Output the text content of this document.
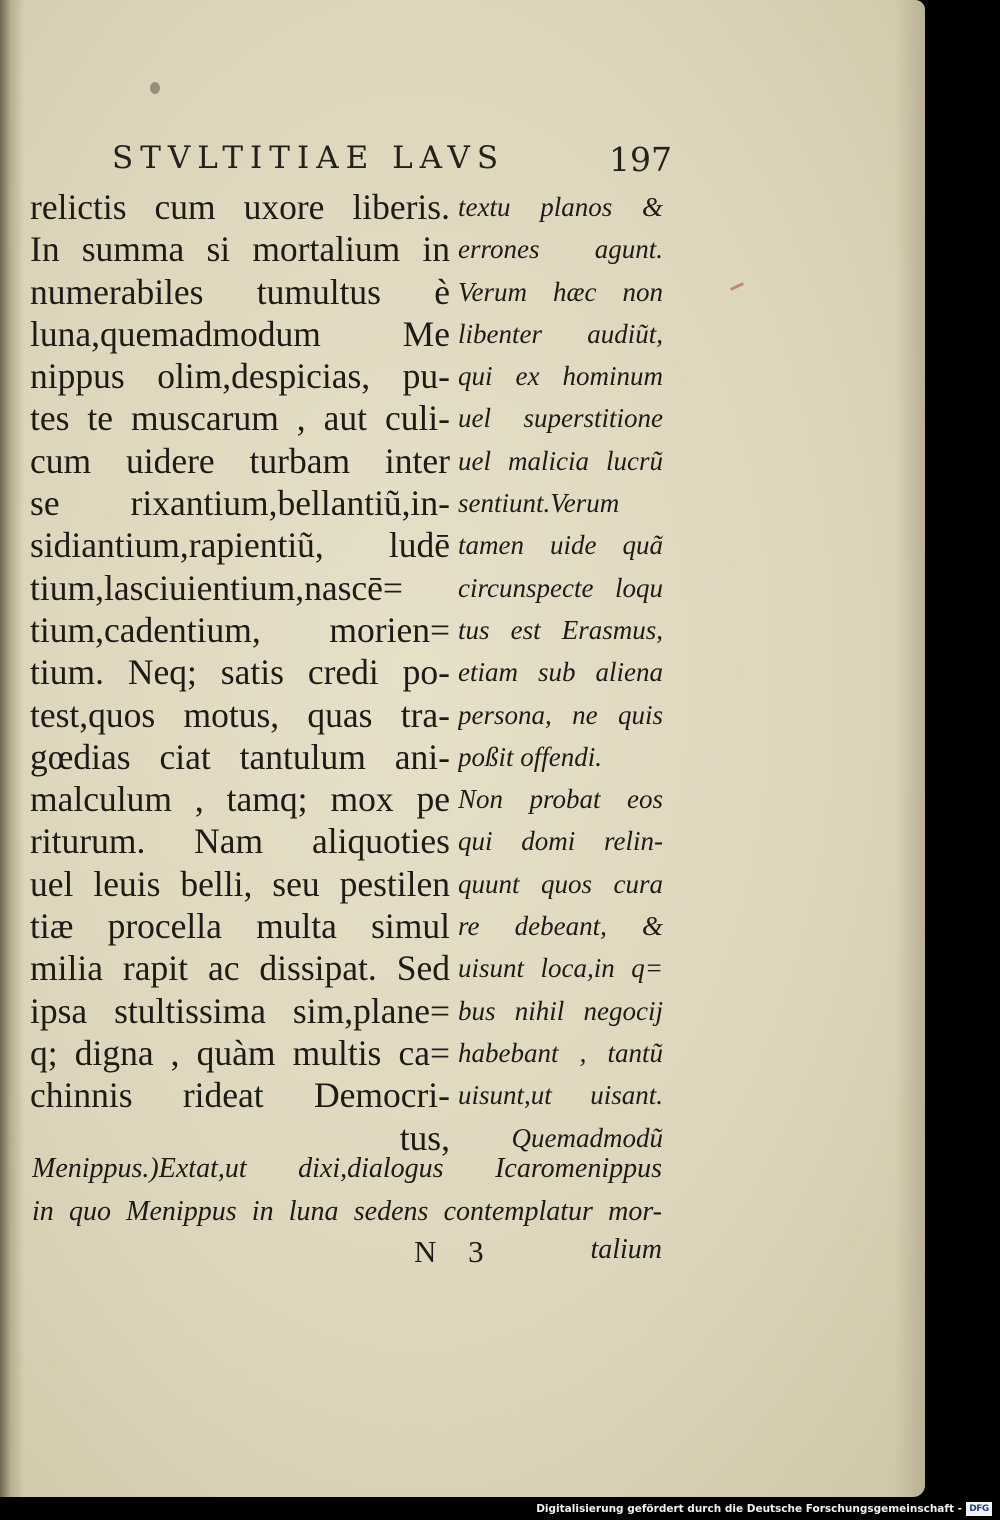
STVLTITIAE LAVS	197
relictis cum uxore liberis.
In summa si mortalium in
numerabiles tumultus è
luna,quemadmodum Me
nippus olim,despicias, pu-
tes te muscarum , aut culi-
cum uidere turbam inter
se rixantium,bellantiũ,in-
sidiantium,rapientiũ, ludē
tium,lasciuientium,nascē=
tium,cadentium, morien=
tium. Neq; satis credi po-
test,quos motus, quas tra-
gœdias ciat tantulum ani-
malculum , tamq; mox pe
riturum. Nam aliquoties
uel leuis belli, seu pestilen
tiæ procella multa simul
milia rapit ac dissipat. Sed
ipsa stultissima sim,plane=
q; digna , quàm multis ca=
chinnis rideat Democri-
tus,
textu planos &
errones agunt.
Verum hæc non
libenter audiũt,
qui ex hominum
uel superstitione
uel malicia lucrũ
sentiunt.Verum
tamen uide quã
circunspecte loqu
tus est Erasmus,
etiam sub aliena
persona, ne quis
poßit offendi.
Non probat eos
qui domi relin-
quunt quos cura
re debeant, &
uisunt loca,in q=
bus nihil negocij
habebant , tantũ
uisunt,ut uisant.
Quemadmodũ
Menippus.)Extat,ut dixi,dialogus Icaromenippus
in quo Menippus in luna sedens contemplatur mor-
N 3	talium
Digitalisierung gefördert durch die Deutsche Forschungsgemeinschaft - DFG
